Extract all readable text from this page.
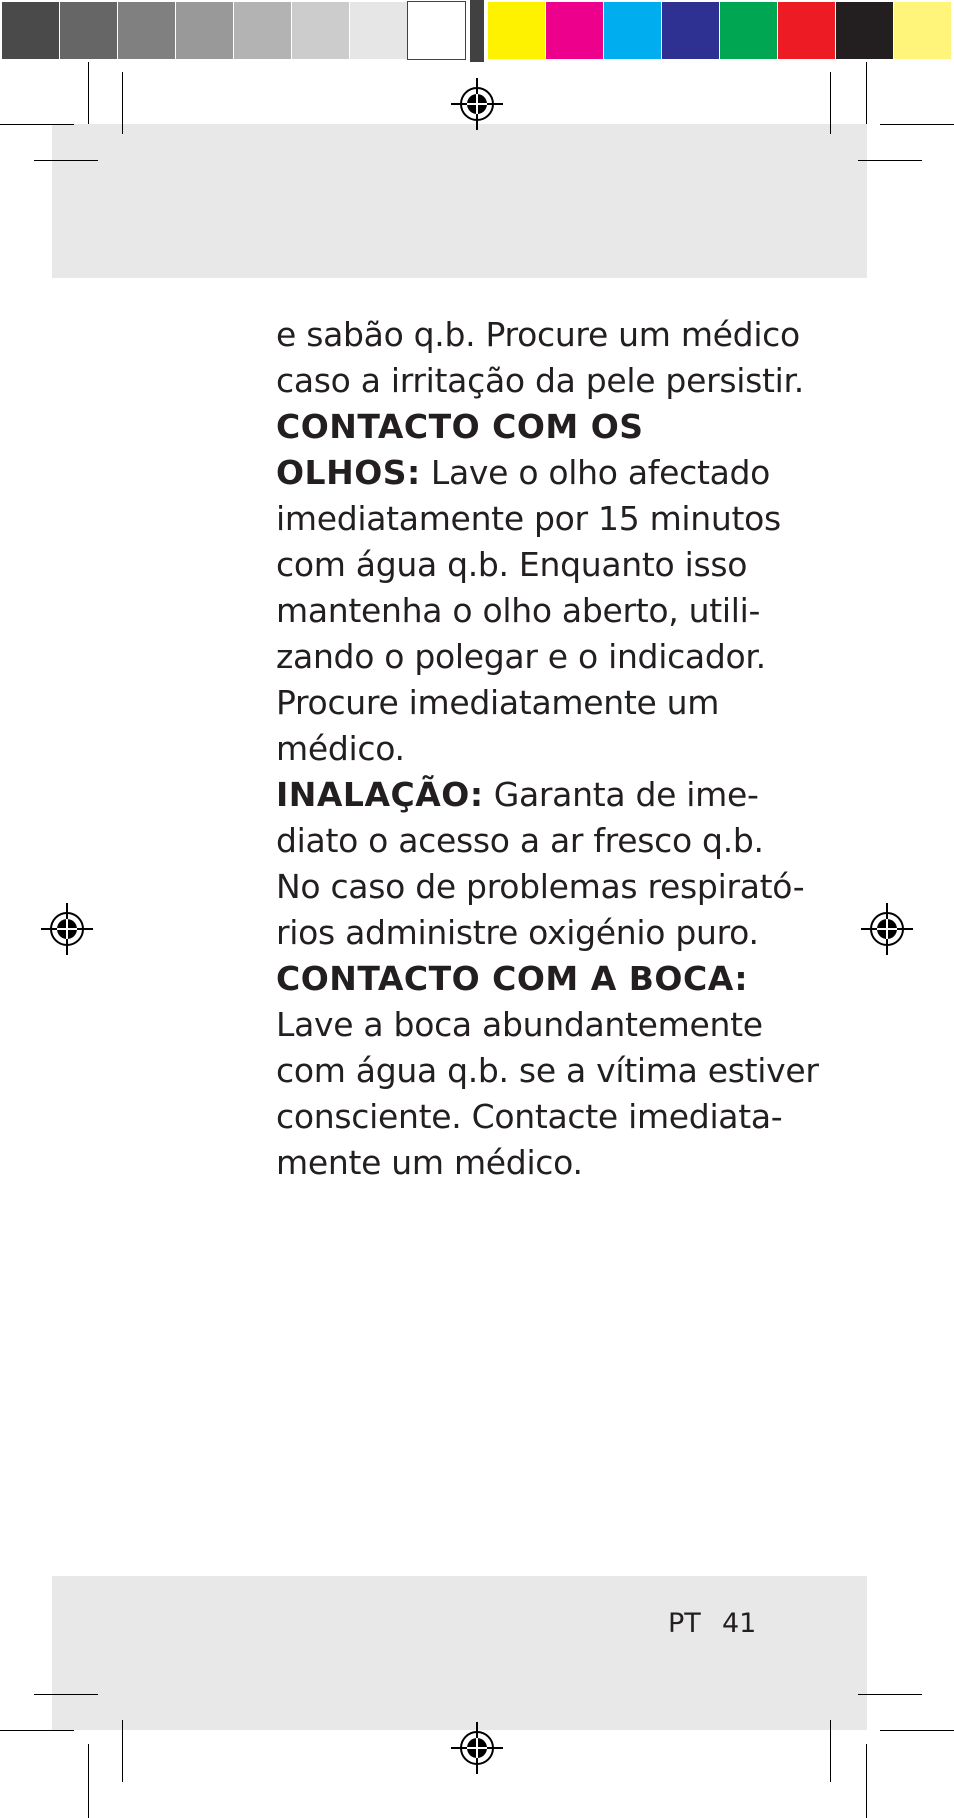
e sabão q.b. Procure um médico
caso a irritação da pele persistir.
CONTACTO COM OS
OLHOS: Lave o olho afectado
imediatamente por 15 minutos
com água q.b. Enquanto isso
mantenha o olho aberto, utili-
zando o polegar e o indicador.
Procure imediatamente um
médico.
INALAÇÃO: Garanta de ime-
diato o acesso a ar fresco q.b.
No caso de problemas respirató-
rios administre oxigénio puro.
CONTACTO COM A BOCA:
Lave a boca abundantemente
com água q.b. se a vítima estiver
consciente. Contacte imediata-
mente um médico.
PT 41
